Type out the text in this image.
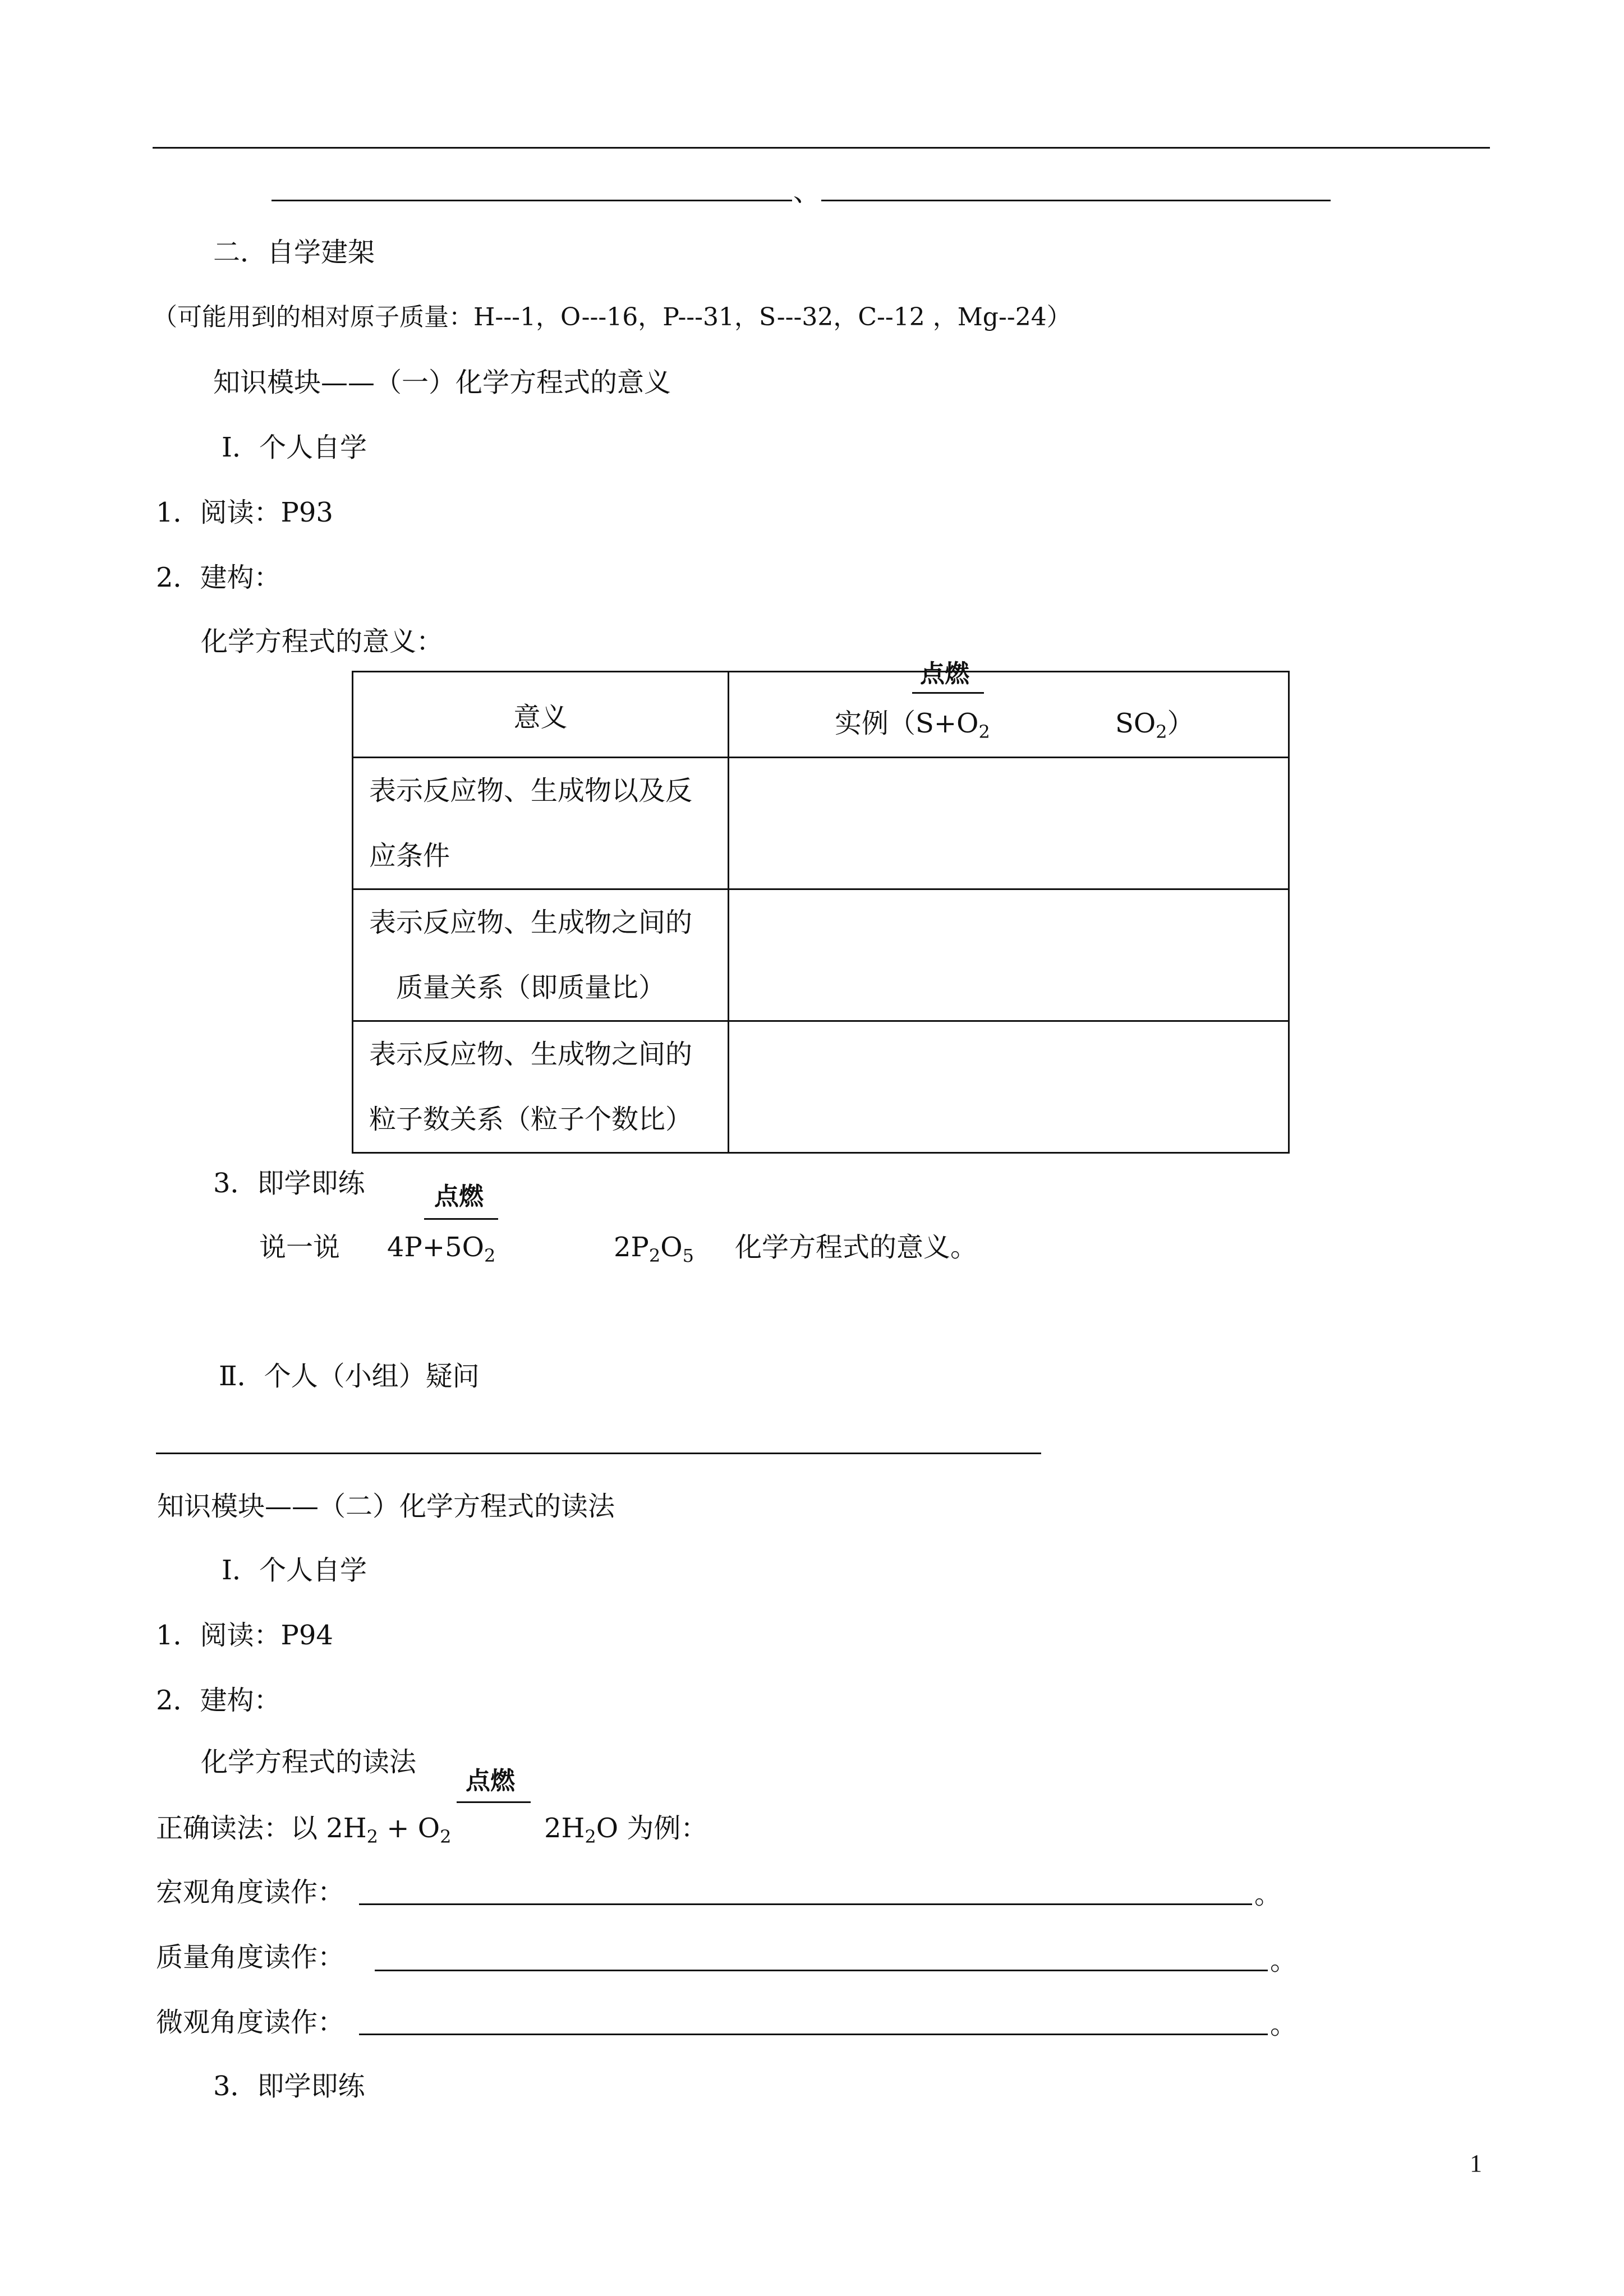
、
二．自学建架
（可能用到的相对原子质量：H---1，O---16，P---31，S---32，C--12 ，Mg--24）
知识模块——（一）化学方程式的意义
Ⅰ．个人自学
1．阅读：P93
2．建构：
化学方程式的意义：
点燃
意义	实例（$S+O_2$ $SO_2$）

表示反应物、生成物以及反
应条件	

表示反应物、生成物之间的
质量关系（即质量比）	

表示反应物、生成物之间的
粒子数关系（粒子个数比）	

3．即学即练	点燃
说一说 $4P+5O_2$	$2P_2O_5$ 化学方程式的意义。
Ⅱ．个人（小组）疑问
知识模块——（二）化学方程式的读法
Ⅰ．个人自学
1．阅读：P94
2．建构：
化学方程式的读法
点燃
正确读法：以 $2H_2 + O_2$	$2H_2O$ 为例：
宏观角度读作：	。
质量角度读作：	。
微观角度读作：	。
3．即学即练
1
